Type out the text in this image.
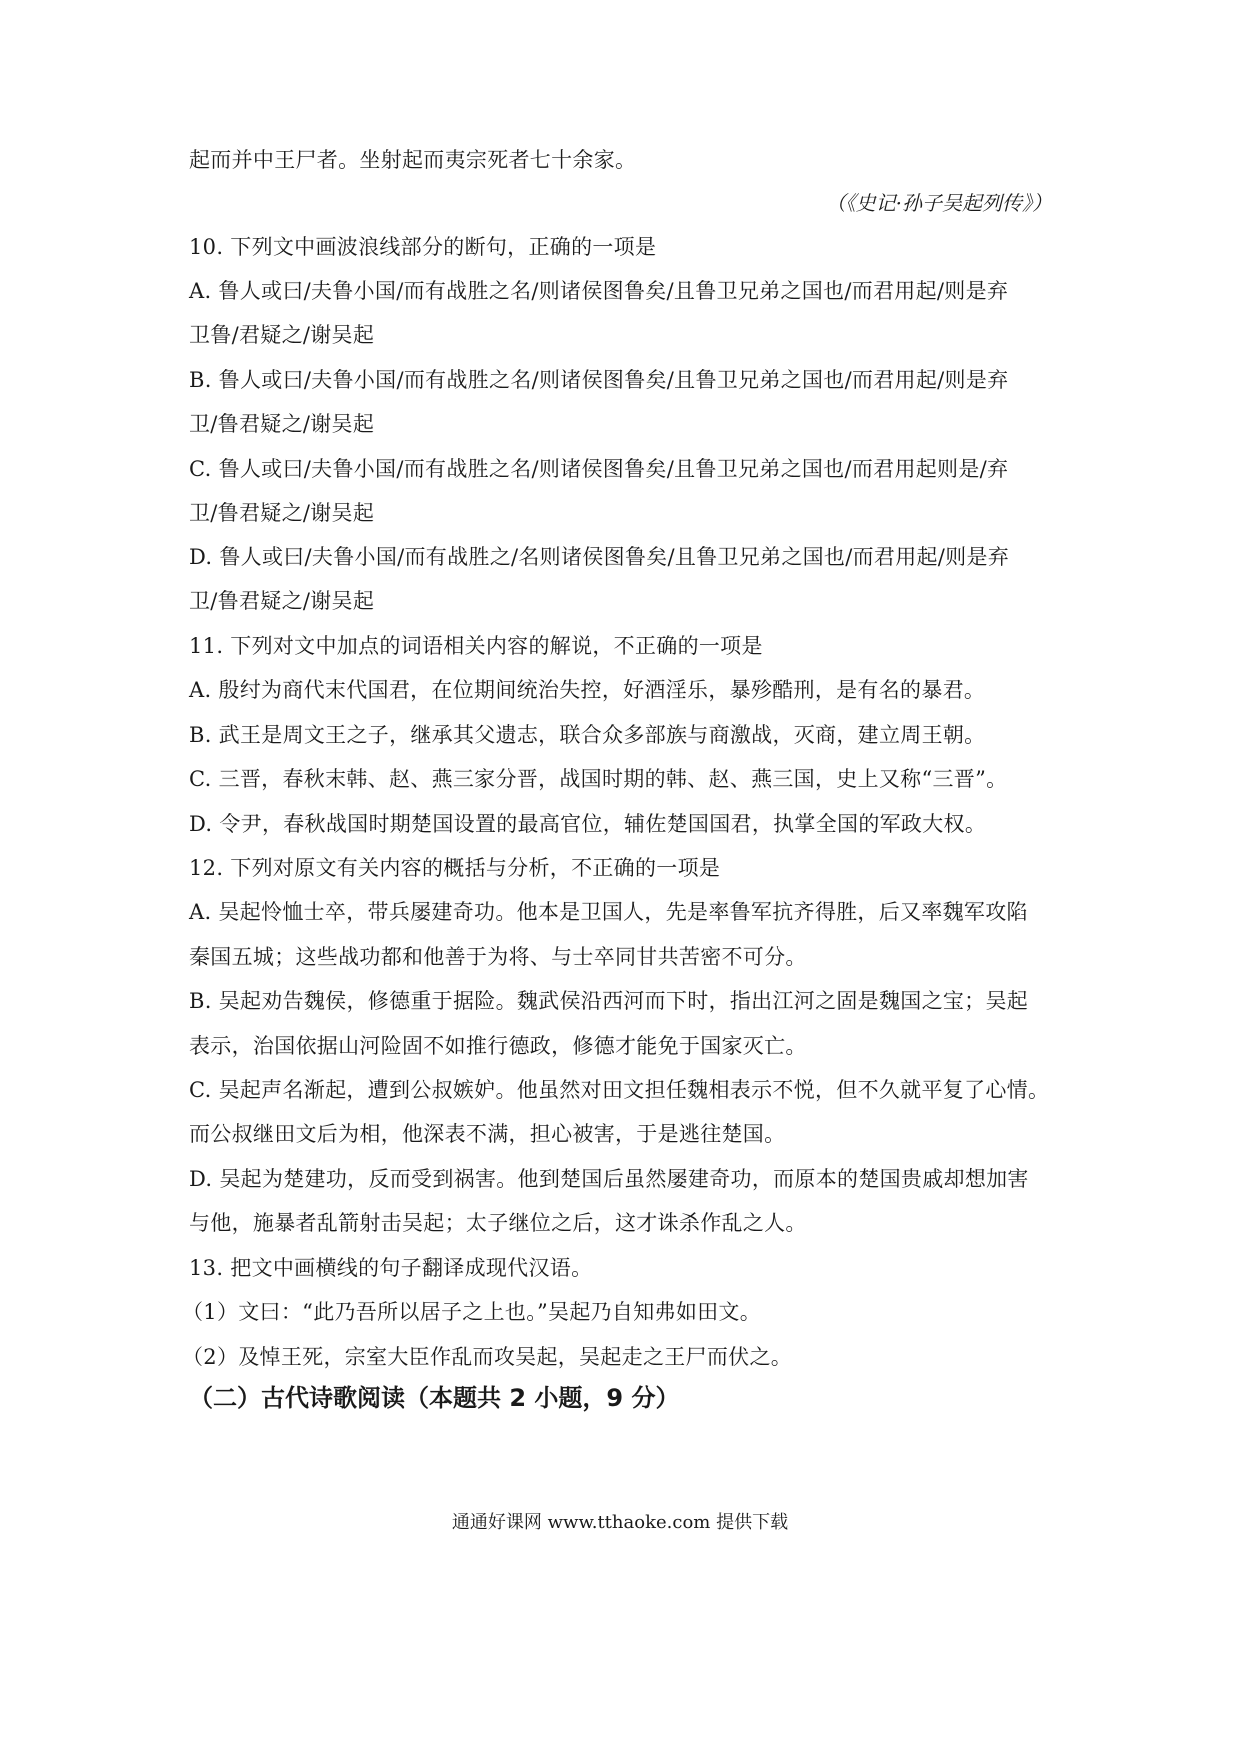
起而并中王尸者。坐射起而夷宗死者七十余家。
（《史记·孙子吴起列传》）
10. 下列文中画波浪线部分的断句，正确的一项是
A. 鲁人或曰/夫鲁小国/而有战胜之名/则诸侯图鲁矣/且鲁卫兄弟之国也/而君用起/则是弃
卫鲁/君疑之/谢吴起
B. 鲁人或曰/夫鲁小国/而有战胜之名/则诸侯图鲁矣/且鲁卫兄弟之国也/而君用起/则是弃
卫/鲁君疑之/谢吴起
C. 鲁人或曰/夫鲁小国/而有战胜之名/则诸侯图鲁矣/且鲁卫兄弟之国也/而君用起则是/弃
卫/鲁君疑之/谢吴起
D. 鲁人或曰/夫鲁小国/而有战胜之/名则诸侯图鲁矣/且鲁卫兄弟之国也/而君用起/则是弃
卫/鲁君疑之/谢吴起
11. 下列对文中加点的词语相关内容的解说，不正确的一项是
A. 殷纣为商代末代国君，在位期间统治失控，好酒淫乐，暴殄酷刑，是有名的暴君。
B. 武王是周文王之子，继承其父遗志，联合众多部族与商激战，灭商，建立周王朝。
C. 三晋，春秋末韩、赵、燕三家分晋，战国时期的韩、赵、燕三国，史上又称“三晋”。
D. 令尹，春秋战国时期楚国设置的最高官位，辅佐楚国国君，执掌全国的军政大权。
12. 下列对原文有关内容的概括与分析，不正确的一项是
A. 吴起怜恤士卒，带兵屡建奇功。他本是卫国人，先是率鲁军抗齐得胜，后又率魏军攻陷
秦国五城；这些战功都和他善于为将、与士卒同甘共苦密不可分。
B. 吴起劝告魏侯，修德重于据险。魏武侯沿西河而下时，指出江河之固是魏国之宝；吴起
表示，治国依据山河险固不如推行德政，修德才能免于国家灭亡。
C. 吴起声名渐起，遭到公叔嫉妒。他虽然对田文担任魏相表示不悦，但不久就平复了心情。
而公叔继田文后为相，他深表不满，担心被害，于是逃往楚国。
D. 吴起为楚建功，反而受到祸害。他到楚国后虽然屡建奇功，而原本的楚国贵戚却想加害
与他，施暴者乱箭射击吴起；太子继位之后，这才诛杀作乱之人。
13. 把文中画横线的句子翻译成现代汉语。
（1）文曰：“此乃吾所以居子之上也。”吴起乃自知弗如田文。
（2）及悼王死，宗室大臣作乱而攻吴起，吴起走之王尸而伏之。
（二）古代诗歌阅读（本题共 2 小题，9 分）
通通好课网 www.tthaoke.com 提供下载
